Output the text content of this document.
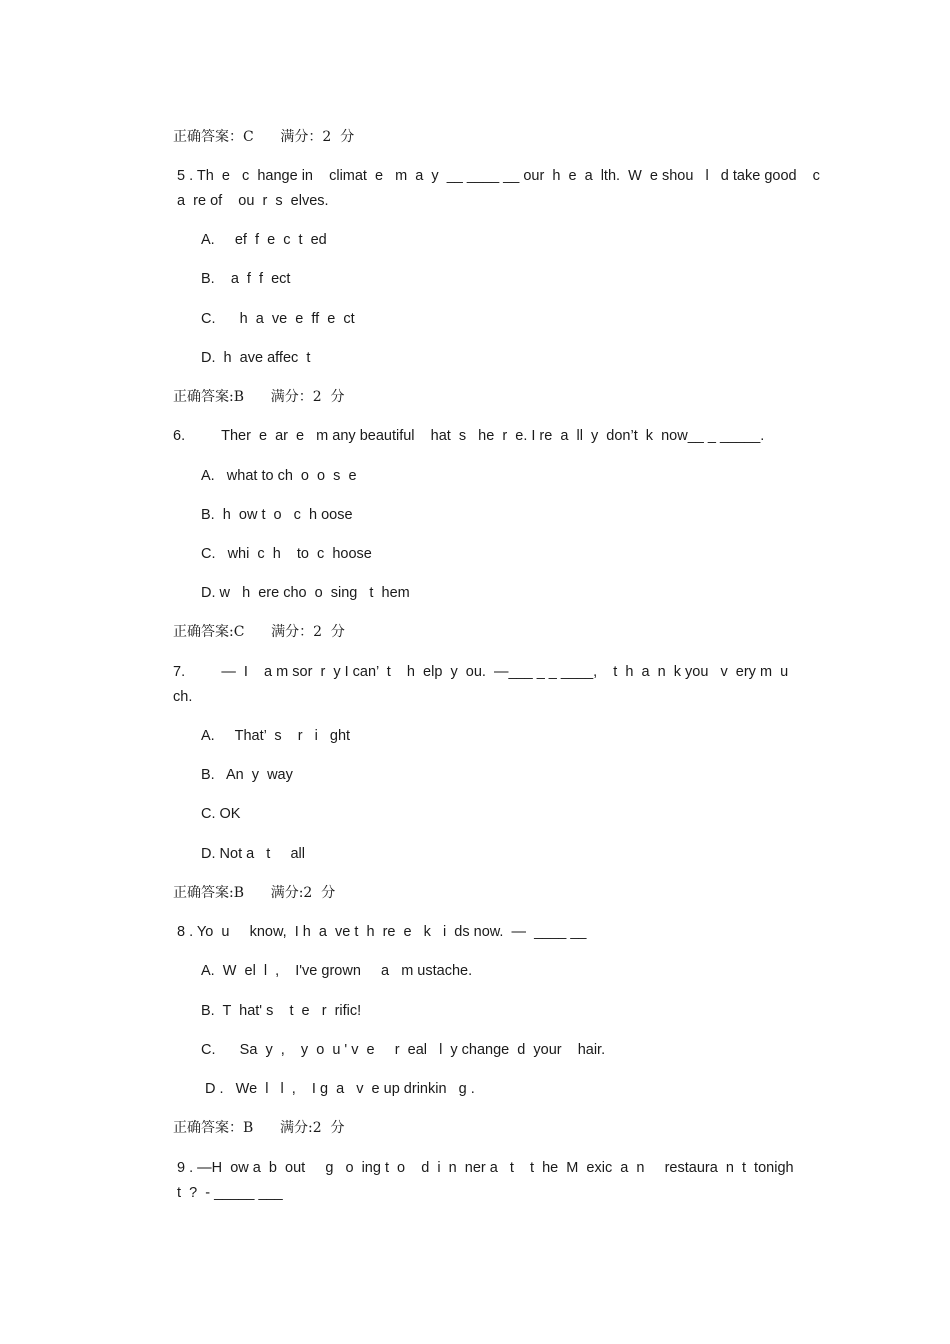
正确答案：C      满分：2  分
5 . Th  e   c  hange in    climat  e   m  a  y  __ ____ __ our  h  e  a  lth.  W  e shou   l   d take good    c
a  re of    ou  r  s  elves.
A.     ef  f  e  c  t  ed
B.    a  f  f  ect
C.      h  a  ve  e  ff  e  ct
D.  h  ave affec  t
正确答案:B      满分：2  分
6.         Ther  e  ar  e   m any beautiful    hat  s   he  r  e. I re  a  ll  y  don’t  k  now__ _ _____.
A.   what to ch  o  o  s  e
B.  h  ow t  o   c  h oose
C.   whi  c  h    to  c  hoose
D. w   h  ere cho  o  sing   t  hem
正确答案:C      满分：2  分
7.         —  I    a m sor  r  y I can’  t    h  elp  y  ou.  —___ _ _ ____,    t  h  a  n  k you   v  ery m  u
ch.
A.     That’  s    r   i   ght
B.   An  y  way
C. OK
D. Not a   t     all
正确答案:B      满分:2  分
8 . Yo  u     know,  I h  a  ve t  h  re  e   k   i  ds now.  —  ____ __
A.  W  el  l  ,    I've grown     a   m ustache.
B.  T  hat' s    t  e   r  rific!
C.      Sa  y  ,    y  o  u ' v  e     r  eal   l  y change  d  your    hair.
D .   We  l   l  ,    I g  a   v  e up drinkin   g .
正确答案：B      满分:2  分
9 . —H  ow a  b  out     g   o  ing t  o    d  i  n  ner a   t    t  he  M  exic  a  n     restaura  n  t  tonigh
t  ?  - _____ ___
